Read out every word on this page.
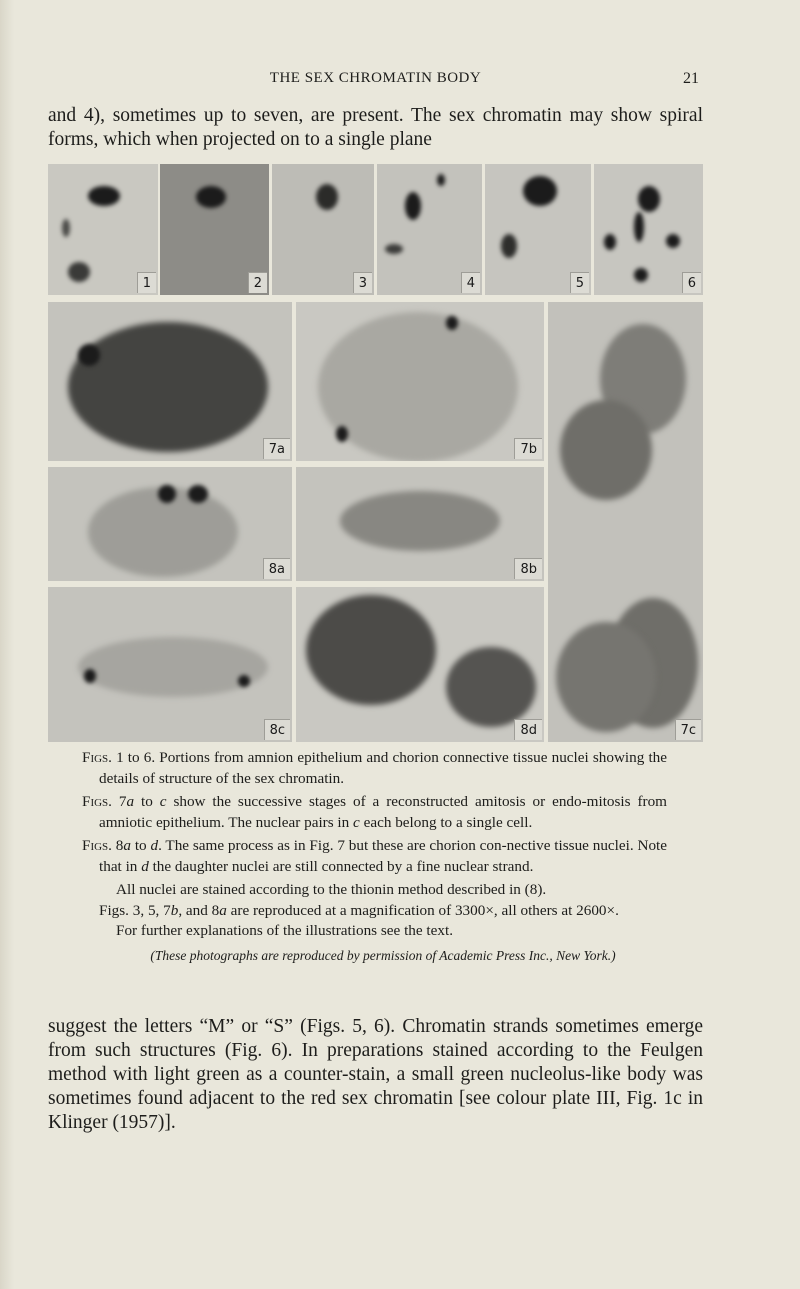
THE SEX CHROMATIN BODY	21
and 4), sometimes up to seven, are present. The sex chromatin may show spiral forms, which when projected on to a single plane
1	2	3	4	5	6
7a	7b
7c
8a	8b
8c	8d

Figs. 1 to 6. Portions from amnion epithelium and chorion connective tissue nuclei showing the details of structure of the sex chromatin.

Figs. 7a to c show the successive stages of a reconstructed amitosis or endo-mitosis from amniotic epithelium. The nuclear pairs in c each belong to a single cell.

Figs. 8a to d. The same process as in Fig. 7 but these are chorion con-nective tissue nuclei. Note that in d the daughter nuclei are still connected by a fine nuclear strand.

All nuclei are stained according to the thionin method described in (8).

Figs. 3, 5, 7b, and 8a are reproduced at a magnification of 3300×, all others at 2600×.

For further explanations of the illustrations see the text.

(These photographs are reproduced by permission of Academic Press Inc., New York.)

suggest the letters “M” or “S” (Figs. 5, 6). Chromatin strands sometimes emerge from such structures (Fig. 6). In preparations stained according to the Feulgen method with light green as a counter-stain, a small green nucleolus-like body was sometimes found adjacent to the red sex chromatin [see colour plate III, Fig. 1c in Klinger (1957)].
